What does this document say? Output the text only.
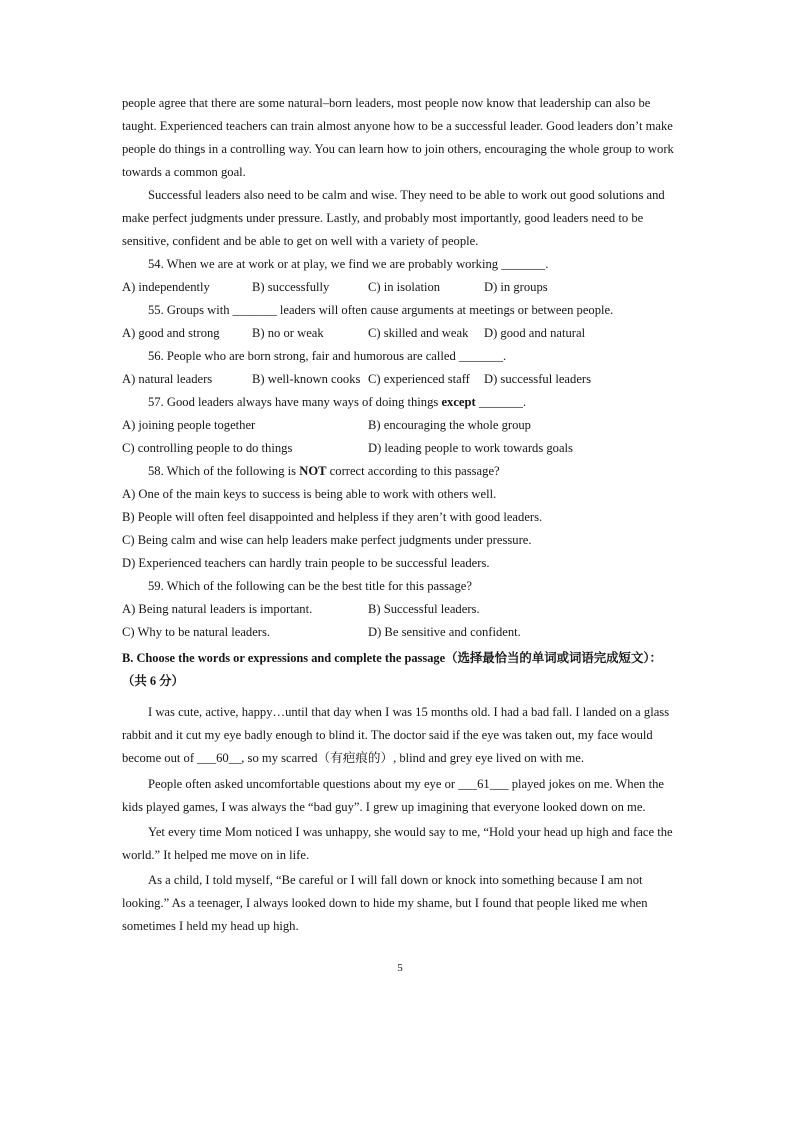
people agree that there are some natural–born leaders, most people now know that leadership can also be
taught. Experienced teachers can train almost anyone how to be a successful leader. Good leaders don’t make
people do things in a controlling way. You can learn how to join others, encouraging the whole group to work
towards a common goal.
Successful leaders also need to be calm and wise. They need to be able to work out good solutions and
make perfect judgments under pressure. Lastly, and probably most importantly, good leaders need to be
sensitive, confident and be able to get on well with a variety of people.
54. When we are at work or at play, we find we are probably working _______.
A) independently	B) successfully	C) in isolation	D) in groups
55. Groups with _______ leaders will often cause arguments at meetings or between people.
A) good and strong	B) no or weak	C) skilled and weak D) good and natural
56. People who are born strong, fair and humorous are called _______.
A) natural leaders	B) well-known cooks C) experienced staff D) successful leaders
57. Good leaders always have many ways of doing things except _______.
A) joining people together	B) encouraging the whole group
C) controlling people to do things	D) leading people to work towards goals
58. Which of the following is NOT correct according to this passage?
A) One of the main keys to success is being able to work with others well.
B) People will often feel disappointed and helpless if they aren’t with good leaders.
C) Being calm and wise can help leaders make perfect judgments under pressure.
D) Experienced teachers can hardly train people to be successful leaders.
59. Which of the following can be the best title for this passage?
A) Being natural leaders is important.	B) Successful leaders.
C) Why to be natural leaders.	D) Be sensitive and confident.
B. Choose the words or expressions and complete the passage（选择最恰当的单词或词语完成短文）：
（共 6 分）
I was cute, active, happy…until that day when I was 15 months old. I had a bad fall. I landed on a glass
rabbit and it cut my eye badly enough to blind it. The doctor said if the eye was taken out, my face would
become out of ___60__, so my scarred（有疤痕的）, blind and grey eye lived on with me.
People often asked uncomfortable questions about my eye or ___61___ played jokes on me. When the
kids played games, I was always the “bad guy”. I grew up imagining that everyone looked down on me.
Yet every time Mom noticed I was unhappy, she would say to me, “Hold your head up high and face the
world.” It helped me move on in life.
As a child, I told myself, “Be careful or I will fall down or knock into something because I am not
looking.” As a teenager, I always looked down to hide my shame, but I found that people liked me when
sometimes I held my head up high.
5
